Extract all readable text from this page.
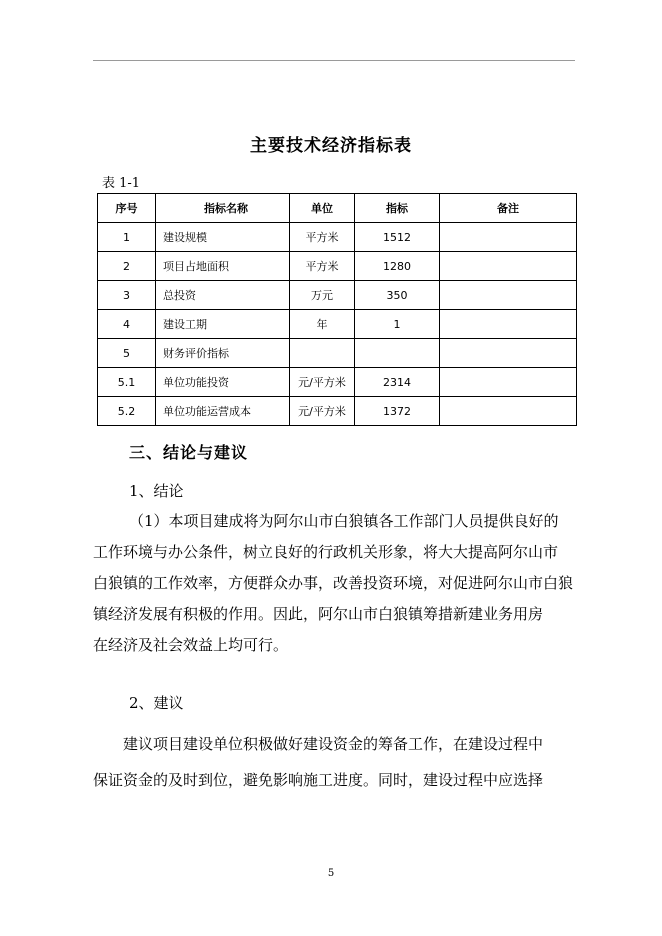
主要技术经济指标表
表 1-1
序号	指标名称	单位	指标	备注
1	建设规模	平方米	1512	
2	项目占地面积	平方米	1280	
3	总投资	万元	350	
4	建设工期	年	1	
5	财务评价指标			
5.1	单位功能投资	元/平方米	2314	
5.2	单位功能运营成本	元/平方米	1372	
三、结论与建议
1、结论
（1）本项目建成将为阿尔山市白狼镇各工作部门人员提供良好的
工作环境与办公条件，树立良好的行政机关形象，将大大提高阿尔山市
白狼镇的工作效率，方便群众办事，改善投资环境，对促进阿尔山市白狼
镇经济发展有积极的作用。因此，阿尔山市白狼镇筹措新建业务用房
在经济及社会效益上均可行。
2、建议
建议项目建设单位积极做好建设资金的筹备工作，在建设过程中
保证资金的及时到位，避免影响施工进度。同时，建设过程中应选择
5
